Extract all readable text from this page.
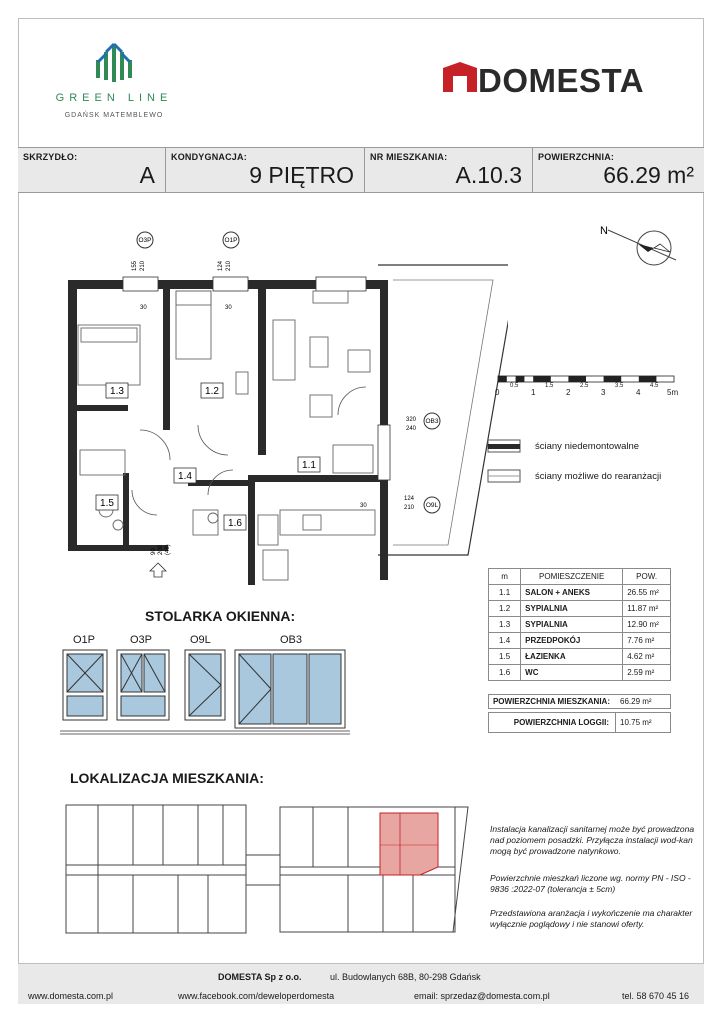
GREEN LINE
GDAŃSK MATEMBLEWO
DOMESTA
SKRZYDŁO:
A
KONDYGNACJA:
9 PIĘTRO
NR MIESZKANIA:
A.10.3
POWIERZCHNIA:
66.29 m²
1.3	1.2
1.1
1.4
1.5
1.6
O3P	O1P
OB3
O9L
155 210	124 210
30	30
320
240
30
124
210
90 200 (48)
N
0
0.5
1
1.5
2
2.5
3
3.5
4
4.5
5m
ściany niedemontowalne
ściany możliwe do rearanżacji
m	POMIESZCZENIE	POW.
1.1	SALON + ANEKS	26.55 m²
1.2	SYPIALNIA	11.87 m²
1.3	SYPIALNIA	12.90 m²
1.4	PRZEDPOKÓJ	7.76 m²
1.5	ŁAZIENKA	4.62 m²
1.6	WC	2.59 m²
POWIERZCHNIA MIESZKANIA:	66.29 m²
POWIERZCHNIA LOGGII:	10.75 m²
STOLARKA OKIENNA:
O1P	O3P	O9L	OB3
LOKALIZACJA MIESZKANIA:
Instalacja kanalizacji sanitarnej może być prowadzona nad poziomem posadzki. Przyłącza instalacji wod-kan mogą być prowadzone natynkowo.
Powierzchnie mieszkań liczone wg. normy PN - ISO - 9836 :2022-07 (tolerancja ± 5cm)
Przedstawiona aranżacja i wykończenie ma charakter wyłącznie poglądowy i nie stanowi oferty.
DOMESTA Sp z o.o.	ul. Budowlanych 68B, 80-298 Gdańsk
www.domesta.com.pl	www.facebook.com/deweloperdomesta	email: sprzedaz@domesta.com.pl	tel. 58 670 45 16
